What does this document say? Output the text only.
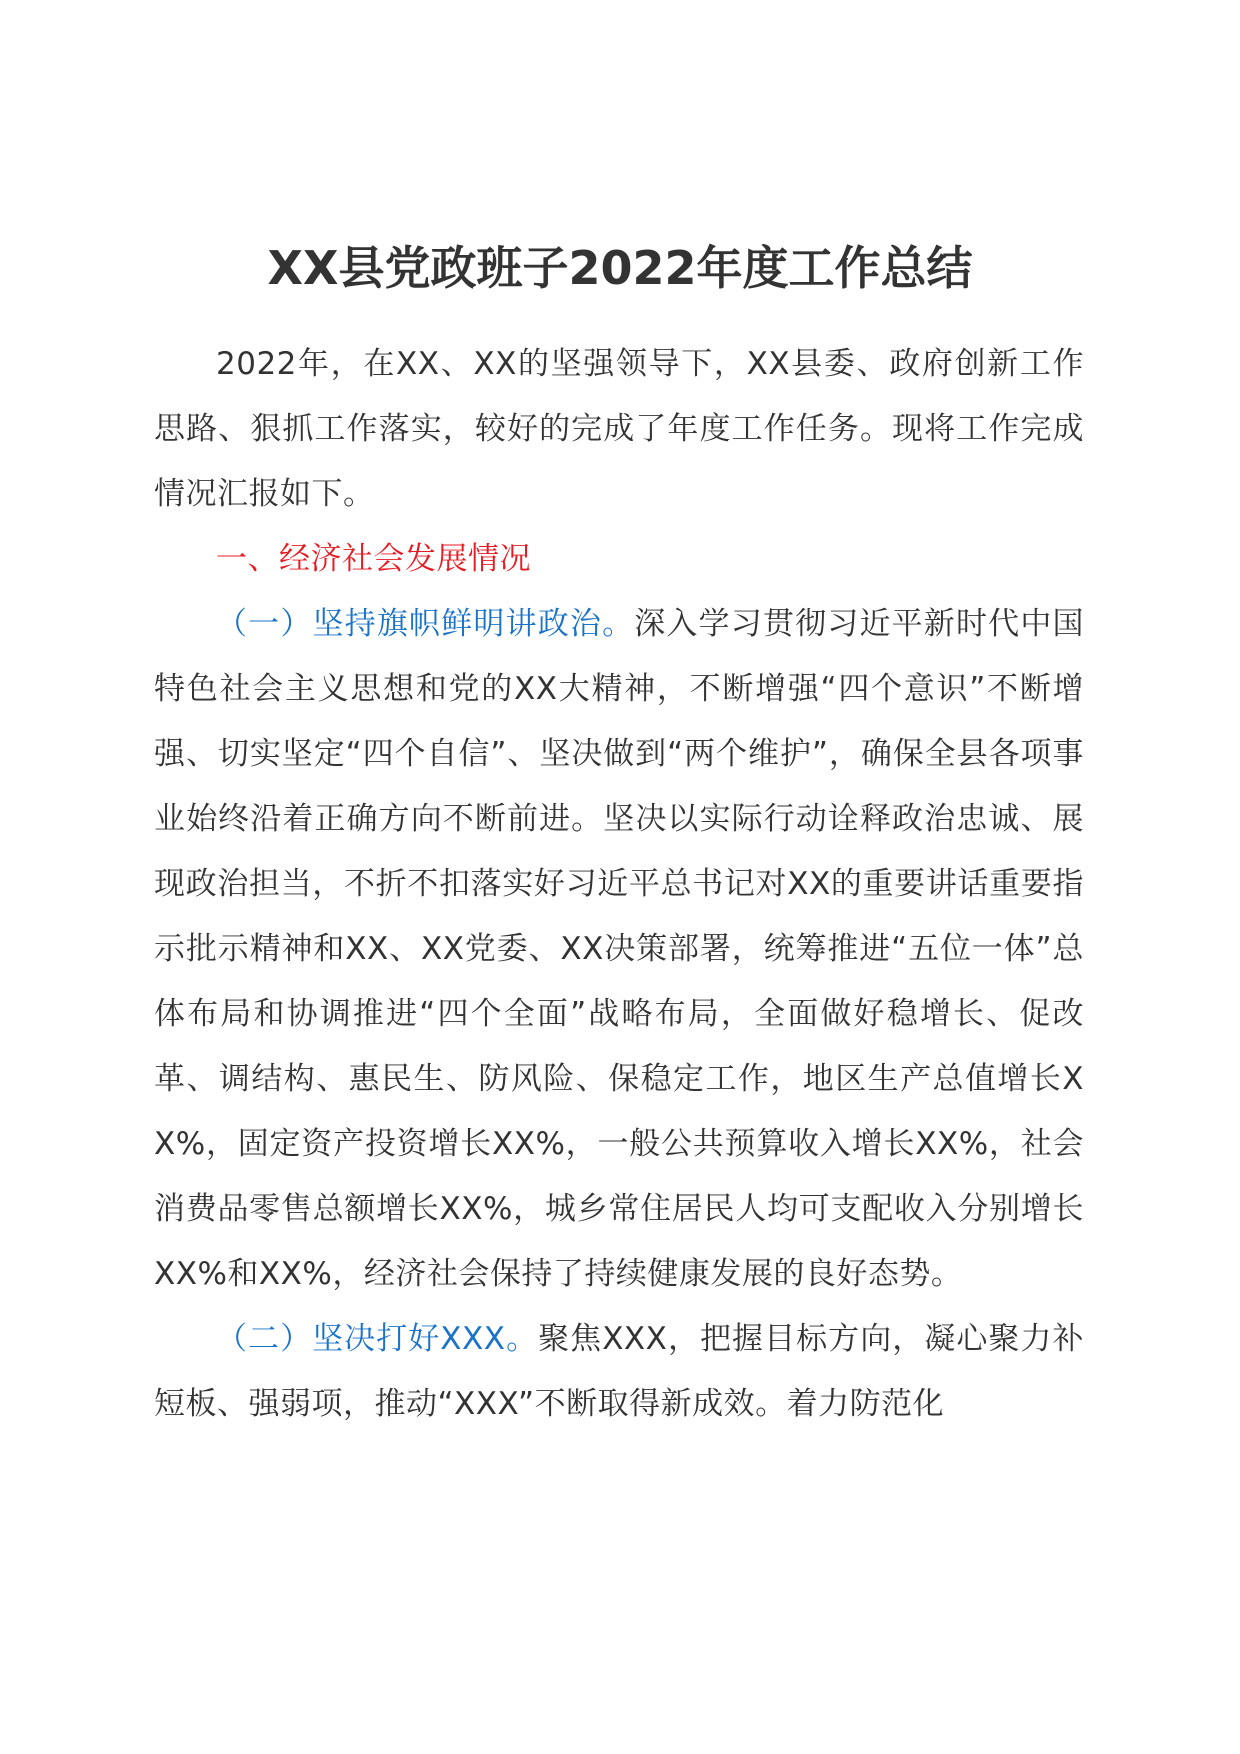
XX县党政班子2022年度工作总结

2022年，在XX、XX的坚强领导下，XX县委、政府创新工作思路、狠抓工作落实，较好的完成了年度工作任务。现将工作完成情况汇报如下。

一、经济社会发展情况

（一）坚持旗帜鲜明讲政治。深入学习贯彻习近平新时代中国特色社会主义思想和党的XX大精神，不断增强“四个意识”不断增强、切实坚定“四个自信”、坚决做到“两个维护”，确保全县各项事业始终沿着正确方向不断前进。坚决以实际行动诠释政治忠诚、展现政治担当，不折不扣落实好习近平总书记对XX的重要讲话重要指示批示精神和XX、XX党委、XX决策部署，统筹推进“五位一体”总体布局和协调推进“四个全面”战略布局，全面做好稳增长、促改革、调结构、惠民生、防风险、保稳定工作，地区生产总值增长XX%，固定资产投资增长XX%，一般公共预算收入增长XX%，社会消费品零售总额增长XX%，城乡常住居民人均可支配收入分别增长XX%和XX%，经济社会保持了持续健康发展的良好态势。

（二）坚决打好XXX。聚焦XXX，把握目标方向，凝心聚力补短板、强弱项，推动“XXX”不断取得新成效。着力防范化
